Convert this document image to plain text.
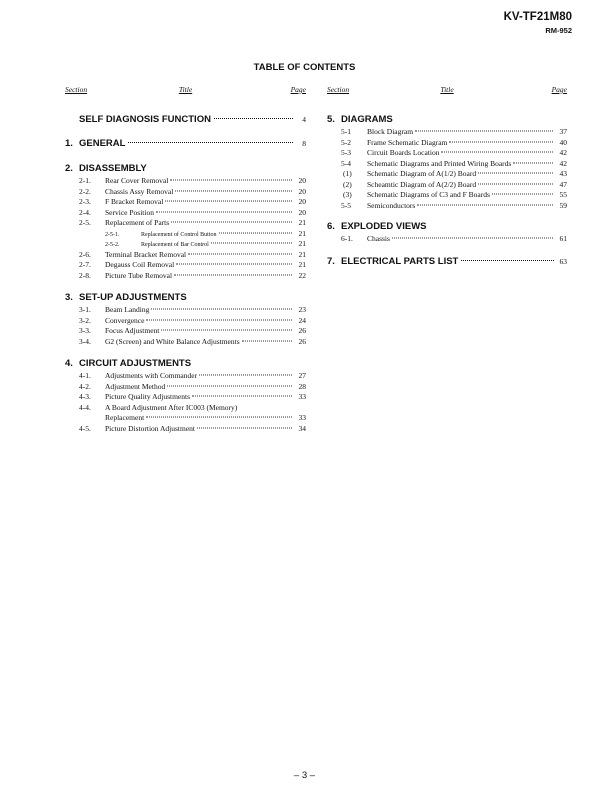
KV-TF21M80
RM-952
TABLE OF CONTENTS
Section	Title	Page
SELF DIAGNOSIS FUNCTION	4
1. GENERAL	8
2. DISASSEMBLY
2-1.	Rear Cover Removal	20
2-2.	Chassis Assy Removal	20
2-3.	F Bracket Removal	20
2-4.	Service Position	20
2-5.	Replacement of Parts	21
2-5-1.	Replacement of Control Button	21
2-5-2.	Replacement of Bar Control	21
2-6.	Terminal Bracket Removal	21
2-7.	Degauss Coil Removal	21
2-8.	Picture Tube Removal	22
3. SET-UP ADJUSTMENTS
3-1.	Beam Landing	23
3-2.	Convergence	24
3-3.	Focus Adjustment	26
3-4.	G2 (Screen) and White Balance Adjustments	26
4. CIRCUIT ADJUSTMENTS
4-1.	Adjustments with Commander	27
4-2.	Adjustment Method	28
4-3.	Picture Quality Adjustments	33
4-4.	A Board Adjustment After IC003 (Memory)
Replacement	33
4-5.	Picture Distortion Adjustment	34
Section	Title	Page
5. DIAGRAMS
5-1	Block Diagram	37
5-2	Frame Schematic Diagram	40
5-3	Circuit Boards Location	42
5-4	Schematic Diagrams and Printed Wiring Boards	42
(1)	Schematic Diagram of A(1/2) Board	43
(2)	Scheamtic Diagram of A(2/2) Board	47
(3)	Schematic Diagrams of C3 and F Boards	55
5-5	Semiconductors	59
6. EXPLODED VIEWS
6-1.	Chassis	61
7. ELECTRICAL PARTS LIST	63
– 3 –
